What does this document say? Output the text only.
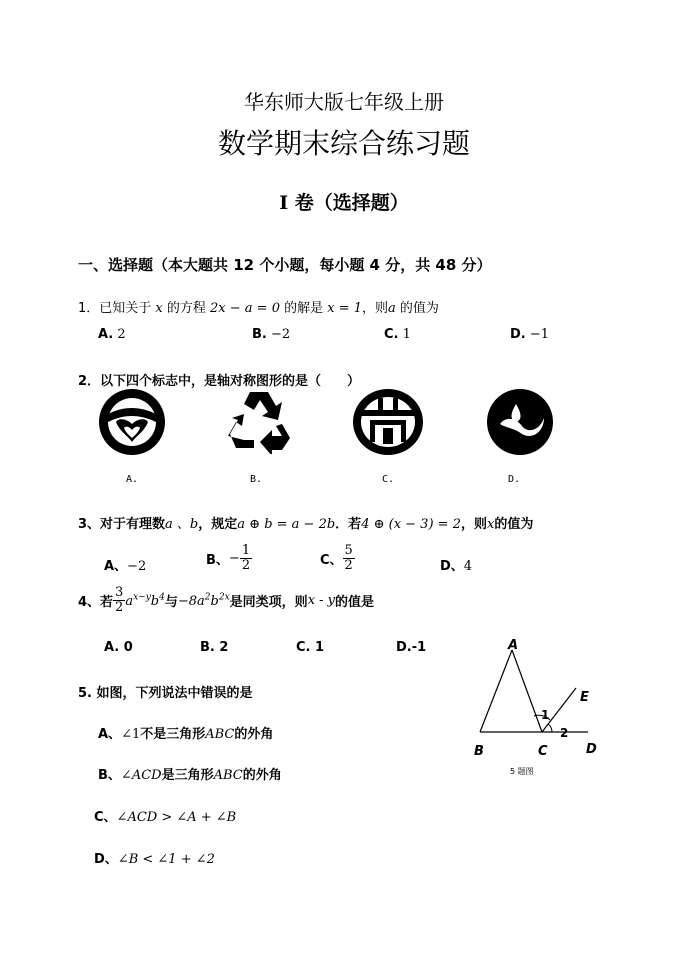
华东师大版七年级上册
数学期末综合练习题
I 卷（选择题）
一、选择题（本大题共 12 个小题，每小题 4 分，共 48 分）
1．已知关于 x 的方程 2x − a = 0 的解是 x = 1，则a 的值为
A. 2	B. −2	C. 1	D. −1
2．以下四个标志中，是轴对称图形的是（　　）
A.	B.	C.	D.
3、对于有理数a 、b，规定a ⊕ b = a − 2b．若4 ⊕ (x − 3) = 2，则x的值为
A、−2	B、− $\frac{1}{2}$	C、 $\frac{5}{2}$	D、4
4、若 $\frac{3}{2} a^{x-y}b^4$与$-8a^2b^{2x}$是同类项，则x - y的值是
A. 0	B. 2	C. 1	D.-1
5. 如图，下列说法中错误的是
A、∠1不是三角形ABC的外角
B、∠ACD是三角形ABC的外角
C、∠ACD > ∠A + ∠B
D、∠B < ∠1 + ∠2
A
B	C	D
E
1
2
5 题图
